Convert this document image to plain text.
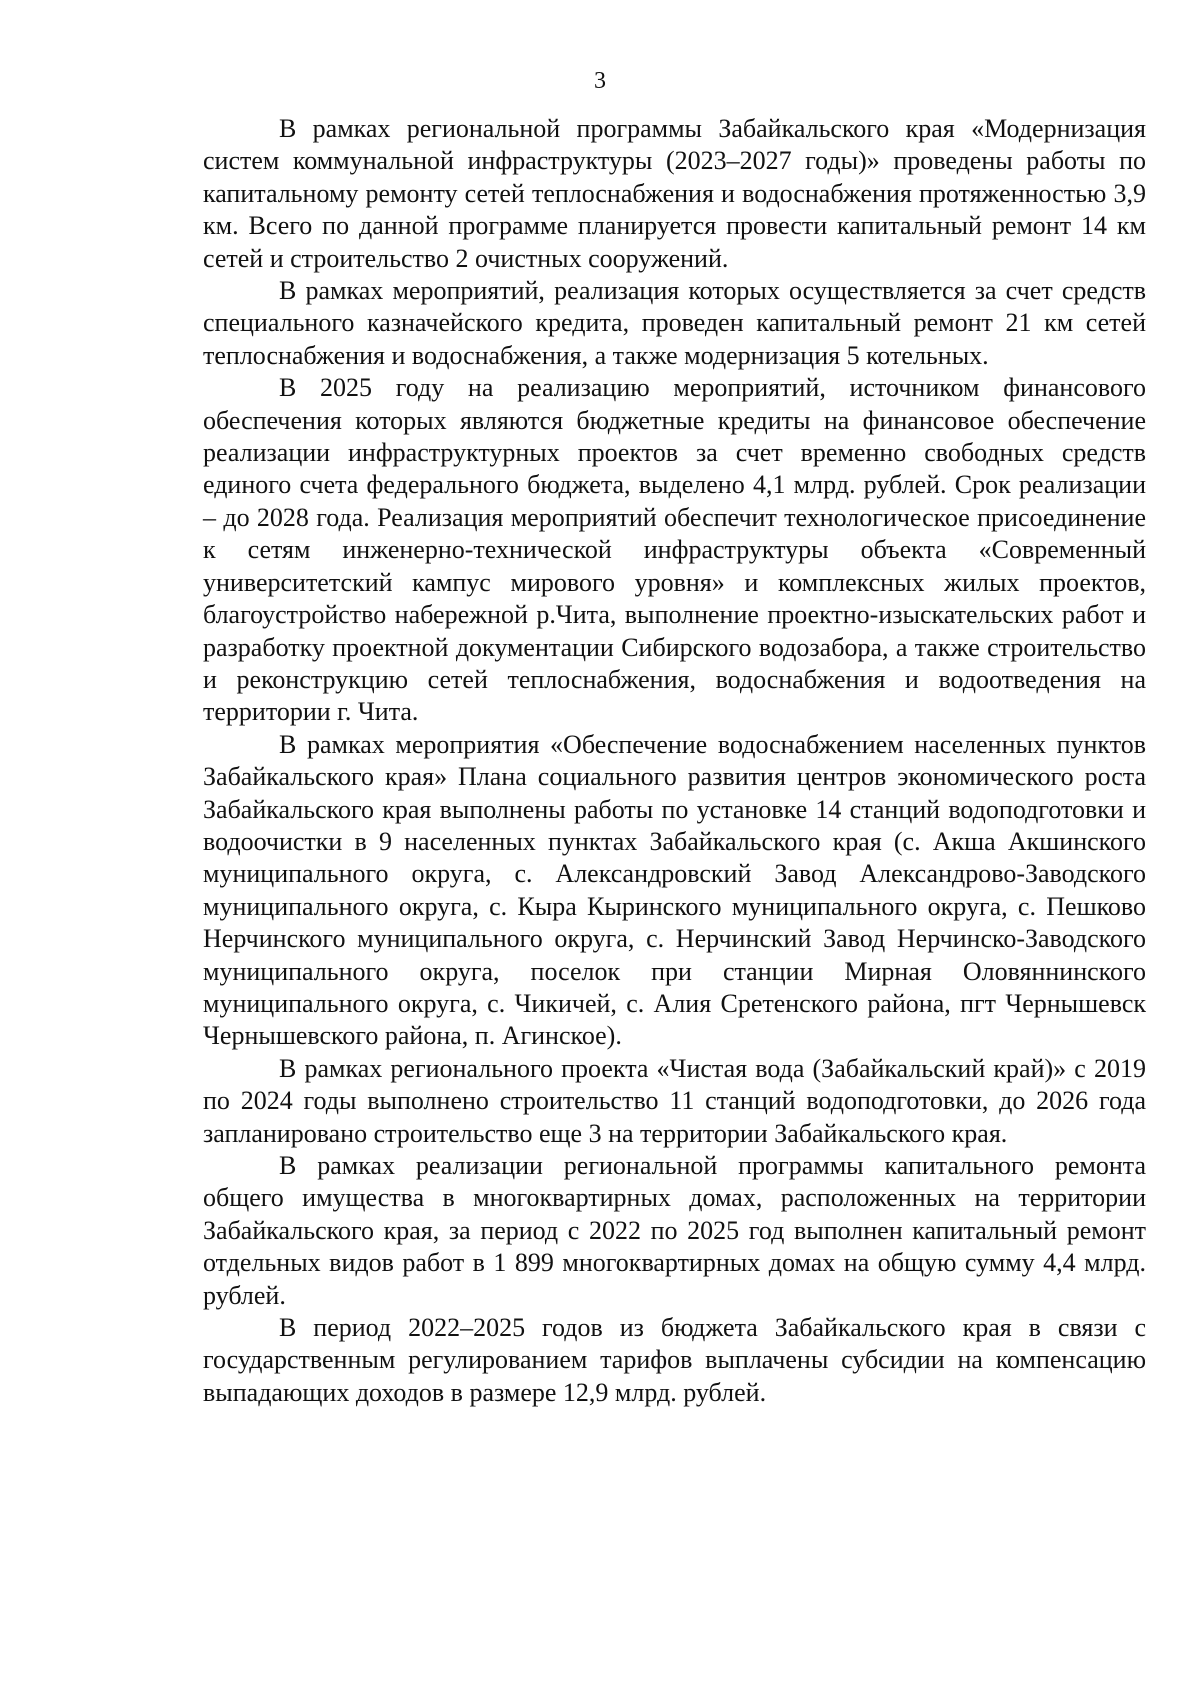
3

В рамках региональной программы Забайкальского края «Модернизация систем коммунальной инфраструктуры (2023–2027 годы)» проведены работы по капитальному ремонту сетей теплоснабжения и водоснабжения протяженностью 3,9 км. Всего по данной программе планируется провести капитальный ремонт 14 км сетей и строительство 2 очистных сооружений.

В рамках мероприятий, реализация которых осуществляется за счет средств специального казначейского кредита, проведен капитальный ремонт 21 км сетей теплоснабжения и водоснабжения, а также модернизация 5 котельных.

В 2025 году на реализацию мероприятий, источником финансового обеспечения которых являются бюджетные кредиты на финансовое обеспечение реализации инфраструктурных проектов за счет временно свободных средств единого счета федерального бюджета, выделено 4,1 млрд. рублей. Срок реализации – до 2028 года. Реализация мероприятий обеспечит технологическое присоединение к сетям инженерно-технической инфраструктуры объекта «Современный университетский кампус мирового уровня» и комплексных жилых проектов, благоустройство набережной р.Чита, выполнение проектно-изыскательских работ и разработку проектной документации Сибирского водозабора, а также строительство и реконструкцию сетей теплоснабжения, водоснабжения и водоотведения на территории г. Чита.

В рамках мероприятия «Обеспечение водоснабжением населенных пунктов Забайкальского края» Плана социального развития центров экономического роста Забайкальского края выполнены работы по установке 14 станций водоподготовки и водоочистки в 9 населенных пунктах Забайкальского края (с. Акша Акшинского муниципального округа, с. Александровский Завод Александрово-Заводского муниципального округа, с. Кыра Кыринского муниципального округа, с. Пешково Нерчинского муниципального округа, с. Нерчинский Завод Нерчинско-Заводского муниципального округа, поселок при станции Мирная Оловяннинского муниципального округа, с. Чикичей, с. Алия Сретенского района, пгт Чернышевск Чернышевского района, п. Агинское).

В рамках регионального проекта «Чистая вода (Забайкальский край)» с 2019 по 2024 годы выполнено строительство 11 станций водоподготовки, до 2026 года запланировано строительство еще 3 на территории Забайкальского края.

В рамках реализации региональной программы капитального ремонта общего имущества в многоквартирных домах, расположенных на территории Забайкальского края, за период с 2022 по 2025 год выполнен капитальный ремонт отдельных видов работ в 1 899 многоквартирных домах на общую сумму 4,4 млрд. рублей.

В период 2022–2025 годов из бюджета Забайкальского края в связи с государственным регулированием тарифов выплачены субсидии на компенсацию выпадающих доходов в размере 12,9 млрд. рублей.
